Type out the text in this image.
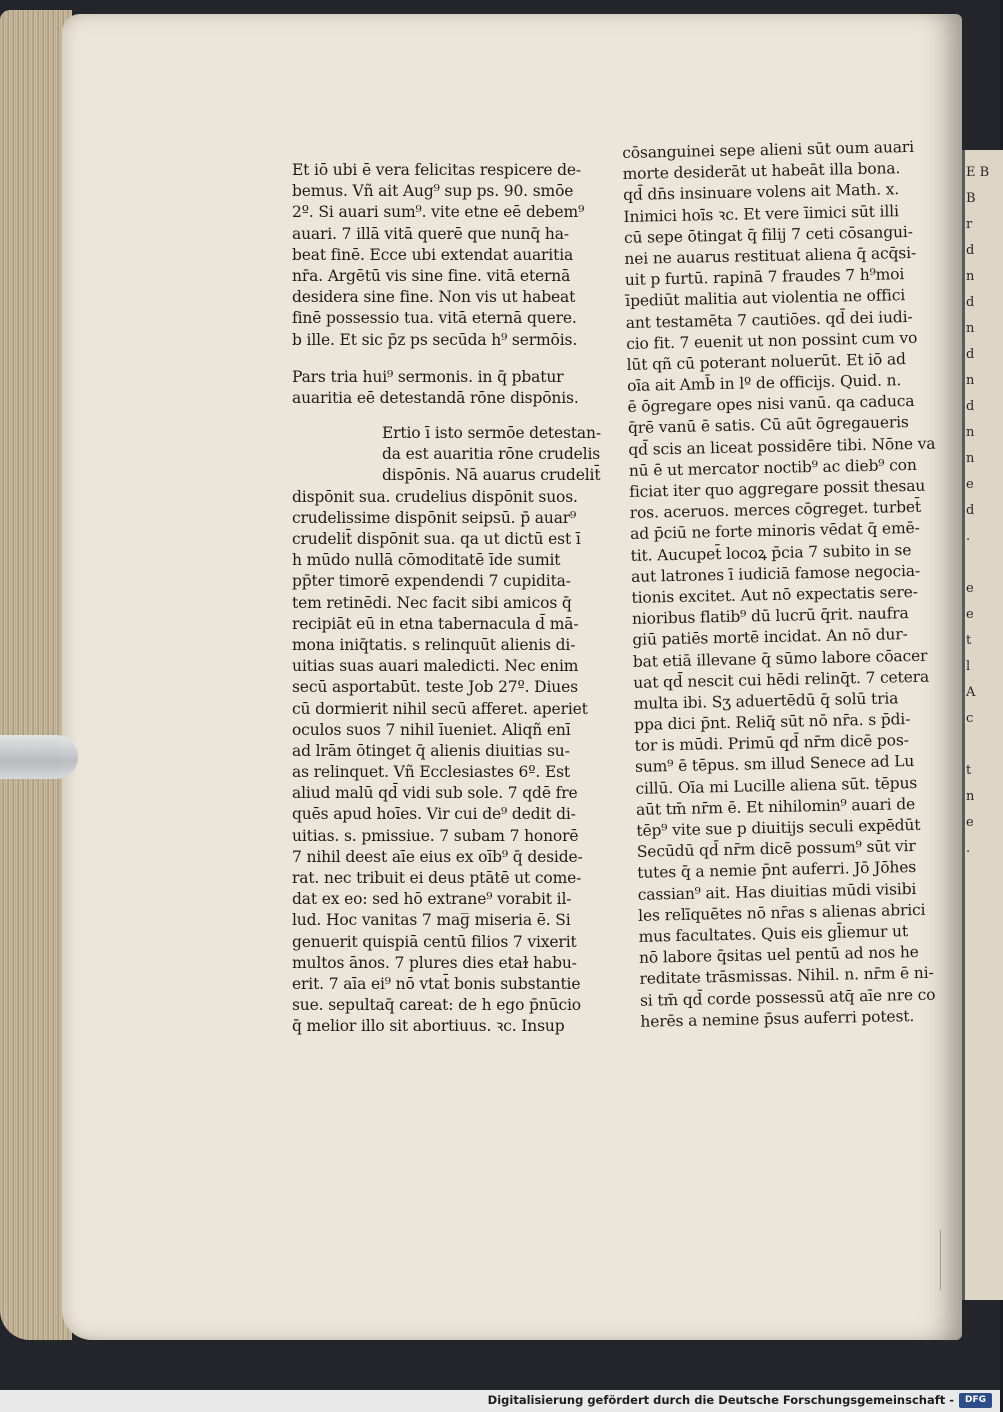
E B
B
r
d
n
d
n
d
n
d
n
n
e
d
.

e
e
t
l
A
c

t
n
e
.
Et iō ubi ē vera felicitas respicere de-
bemus. Vñ ait Aug⁹ sup ps. 90. smōe
2º. Si auari sum⁹. vite etne eē debem⁹
auari. 7 illā vitā querē que nunq̄ ha-
beat finē. Ecce ubi extendat auaritia
nr̄a. Argētū vis sine fine. vitā eternā
desidera sine fine. Non vis ut habeat
finē possessio tua. vitā eternā quere.
b ille. Et sic p̄z ps secūda h⁹ sermōis.
Pars tria hui⁹ sermonis. in q̄ pbatur
auaritia eē detestandā rōne dispōnis.
Ertio ī isto sermōe detestan-
da est auaritia rōne crudelis
dispōnis. Nā auarus crudelit̄
dispōnit sua. crudelius dispōnit suos.
crudelissime dispōnit seipsū. p̄ auar⁹
crudelit̄ dispōnit sua. qa ut dictū est ī
h mūdo nullā cōmoditatē īde sumit
pp̄ter timorē expendendi 7 cupidita-
tem retinēdi. Nec facit sibi amicos q̄
recipiāt eū in etna tabernacula d̄ mā-
mona iniq̄tatis. s relinquūt alienis di-
uitias suas auari maledicti. Nec enim
secū asportabūt. teste Job 27º. Diues
cū dormierit nihil secū afferet. aperiet
oculos suos 7 nihil īueniet. Aliqñ enī
ad lrām ōtinget q̄ alienis diuitias su-
as relinquet. Vñ Ecclesiastes 6º. Est
aliud malū qd̄ vidi sub sole. 7 qdē fre
quēs apud hoīes. Vir cui de⁹ dedit di-
uitias. s. pmissiue. 7 subam 7 honorē
7 nihil deest aīe eius ex oīb⁹ q̄ deside-
rat. nec tribuit ei deus ptātē ut come-
dat ex eo: sed hō extrane⁹ vorabit il-
lud. Hoc vanitas 7 mag̅ miseria ē. Si
genuerit quispiā centū filios 7 vixerit
multos ānos. 7 plures dies etaɫ habu-
erit. 7 aīa ei⁹ nō vtat̄ bonis substantie
sue. sepultaq̄ careat: de h ego p̄nūcio
q̄ melior illo sit abortiuus. ꝛc. Insup
cōsanguinei sepe alieni sūt oum auari
morte desiderāt ut habeāt illa bona.
qd̄ dn̄s insinuare volens ait Math. x.
Inimici hoīs ꝛc. Et vere īimici sūt illi
cū sepe ōtingat q̄ filij 7 ceti cōsangui-
nei ne auarus restituat aliena q̄ acq̄si-
uit p furtū. rapinā 7 fraudes 7 h⁹moi
īpediūt malitia aut violentia ne offici
ant testamēta 7 cautiōes. qd̄ dei iudi-
cio fit. 7 euenit ut non possint cum vo
lūt qñ cū poterant noluerūt. Et iō ad
oīa ait Amb̄ in lº de officijs. Quid. n.
ē ōgregare opes nisi vanū. qa caduca
q̄rē vanū ē satis. Cū aūt ōgregaueris
qd̄ scis an liceat possidēre tibi. Nōne va
nū ē ut mercator noctib⁹ ac dieb⁹ con
ficiat iter quo aggregare possit thesau
ros. aceruos. merces cōgreget. turbet̄
ad p̄ciū ne forte minoris vēdat q̄ emē-
tit. Aucupet̄ locoꝝ p̄cia 7 subito in se
aut latrones ī iudiciā famose negocia-
tionis excitet. Aut nō expectatis sere-
nioribus flatib⁹ dū lucrū q̄rit. naufra
giū patiēs mortē incidat. An nō dur-
bat etiā illevane q̄ sūmo labore cōacer
uat qd̄ nescit cui hēdi relinq̄t. 7 cetera
multa ibi. Sʒ aduertēdū q̄ solū tria
ppa dici p̄nt. Reliq̄ sūt nō nr̄a. s p̄di-
tor is mūdi. Primū qd̄ nr̄m dicē pos-
sum⁹ ē tēpus. sm illud Senece ad Lu
cillū. Oīa mi Lucille aliena sūt. tēpus
aūt tm̄ nr̄m ē. Et nihilomin⁹ auari de
tēp⁹ vite sue p diuitijs seculi expēdūt
Secūdū qd̄ nr̄m dicē possum⁹ sūt vir
tutes q̄ a nemie p̄nt auferri. Jō Jōhes
cassian⁹ ait. Has diuitias mūdi visibi
les relīquētes nō nr̄as s alienas abrici
mus facultates. Quis eis gl̄iemur ut
nō labore q̄sitas uel pentū ad nos he
reditate trāsmissas. Nihil. n. nr̄m ē ni-
si tm̄ qd̄ corde possessū atq̄ aīe nre co
herēs a nemine p̄sus auferri potest.
Digitalisierung gefördert durch die Deutsche Forschungsgemeinschaft -	DFG
